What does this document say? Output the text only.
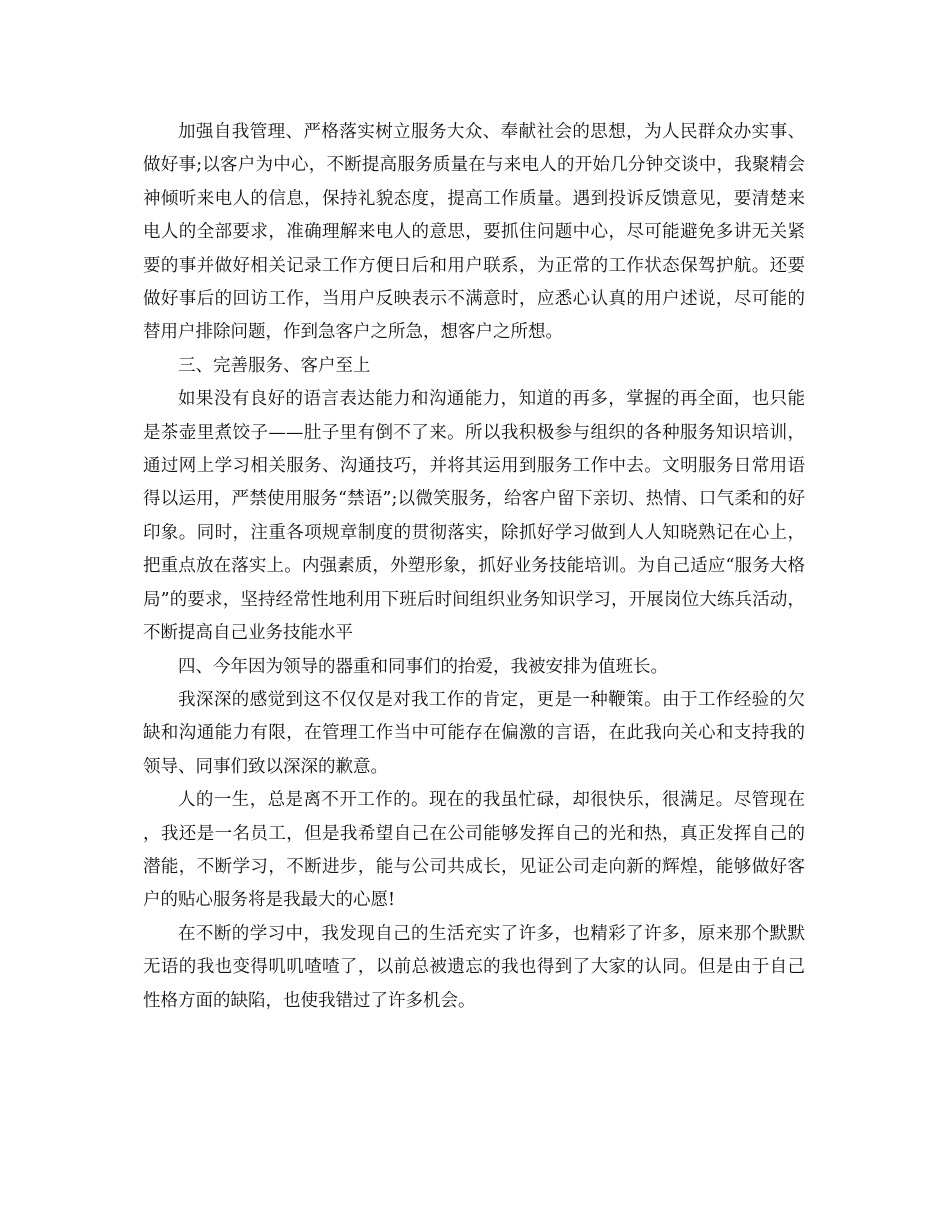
加强自我管理、严格落实树立服务大众、奉献社会的思想，为人民群众办实事、做好事;以客户为中心，不断提高服务质量在与来电人的开始几分钟交谈中，我聚精会神倾听来电人的信息，保持礼貌态度，提高工作质量。遇到投诉反馈意见，要清楚来电人的全部要求，准确理解来电人的意思，要抓住问题中心，尽可能避免多讲无关紧要的事并做好相关记录工作方便日后和用户联系，为正常的工作状态保驾护航。还要做好事后的回访工作，当用户反映表示不满意时，应悉心认真的用户述说，尽可能的替用户排除问题，作到急客户之所急，想客户之所想。

三、完善服务、客户至上

如果没有良好的语言表达能力和沟通能力，知道的再多，掌握的再全面，也只能是茶壶里煮饺子——肚子里有倒不了来。所以我积极参与组织的各种服务知识培训，通过网上学习相关服务、沟通技巧，并将其运用到服务工作中去。文明服务日常用语得以运用，严禁使用服务“禁语”;以微笑服务，给客户留下亲切、热情、口气柔和的好印象。同时，注重各项规章制度的贯彻落实，除抓好学习做到人人知晓熟记在心上，把重点放在落实上。内强素质，外塑形象，抓好业务技能培训。为自己适应“服务大格局”的要求，坚持经常性地利用下班后时间组织业务知识学习，开展岗位大练兵活动，不断提高自己业务技能水平

四、今年因为领导的器重和同事们的抬爱，我被安排为值班长。

我深深的感觉到这不仅仅是对我工作的肯定，更是一种鞭策。由于工作经验的欠缺和沟通能力有限，在管理工作当中可能存在偏激的言语，在此我向关心和支持我的领导、同事们致以深深的歉意。

人的一生，总是离不开工作的。现在的我虽忙碌，却很快乐，很满足。尽管现在，我还是一名员工，但是我希望自己在公司能够发挥自己的光和热，真正发挥自己的潜能，不断学习，不断进步，能与公司共成长，见证公司走向新的辉煌，能够做好客户的贴心服务将是我最大的心愿!

在不断的学习中，我发现自己的生活充实了许多，也精彩了许多，原来那个默默无语的我也变得叽叽喳喳了，以前总被遗忘的我也得到了大家的认同。但是由于自己性格方面的缺陷，也使我错过了许多机会。
